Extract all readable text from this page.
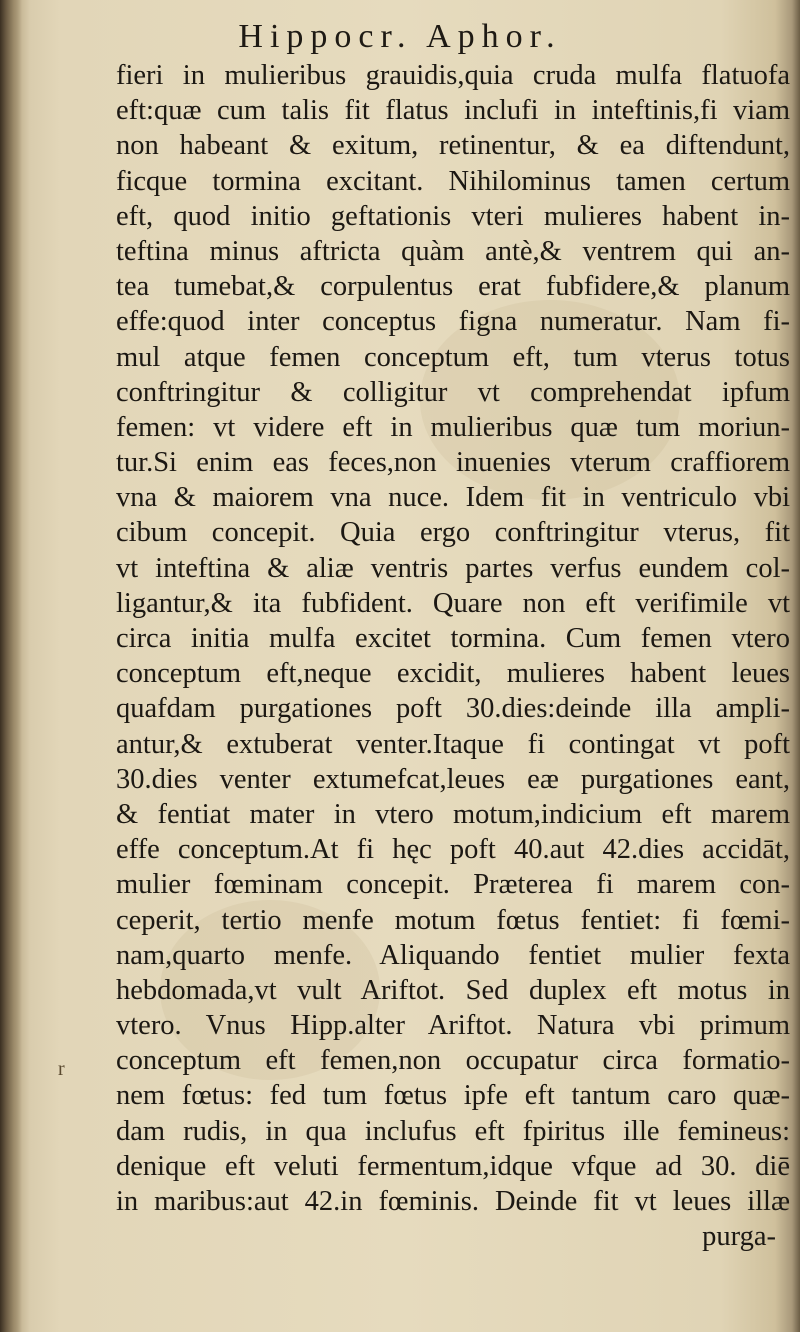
Hippocr. Aphor.
r
fieri in mulieribus grauidis,quia cruda mulfa flatuofa
eft:quæ cum talis fit flatus inclufi in inteftinis,fi viam
non habeant & exitum, retinentur, & ea diftendunt,
ficque tormina excitant. Nihilominus tamen certum
eft, quod initio geftationis vteri mulieres habent in-
teftina minus aftricta quàm antè,& ventrem qui an-
tea tumebat,& corpulentus erat fubfidere,& planum
effe:quod inter conceptus figna numeratur. Nam fi-
mul atque femen conceptum eft, tum vterus totus
conftringitur & colligitur vt comprehendat ipfum
femen: vt videre eft in mulieribus quæ tum moriun-
tur.Si enim eas feces,non inuenies vterum craffiorem
vna & maiorem vna nuce. Idem fit in ventriculo vbi
cibum concepit. Quia ergo conftringitur vterus, fit
vt inteftina & aliæ ventris partes verfus eundem col-
ligantur,& ita fubfident. Quare non eft verifimile vt
circa initia mulfa excitet tormina. Cum femen vtero
conceptum eft,neque excidit, mulieres habent leues
quafdam purgationes poft 30.dies:deinde illa ampli-
antur,& extuberat venter.Itaque fi contingat vt poft
30.dies venter extumefcat,leues eæ purgationes eant,
& fentiat mater in vtero motum,indicium eft marem
effe conceptum.At fi hęc poft 40.aut 42.dies accidāt,
mulier fœminam concepit. Præterea fi marem con-
ceperit, tertio menfe motum fœtus fentiet: fi fœmi-
nam,quarto menfe. Aliquando fentiet mulier fexta
hebdomada,vt vult Ariftot. Sed duplex eft motus in
vtero. Vnus Hipp.alter Ariftot. Natura vbi primum
conceptum eft femen,non occupatur circa formatio-
nem fœtus: fed tum fœtus ipfe eft tantum caro quæ-
dam rudis, in qua inclufus eft fpiritus ille femineus:
denique eft veluti fermentum,idque vfque ad 30. diē
in maribus:aut 42.in fœminis. Deinde fit vt leues illæ
purga-
